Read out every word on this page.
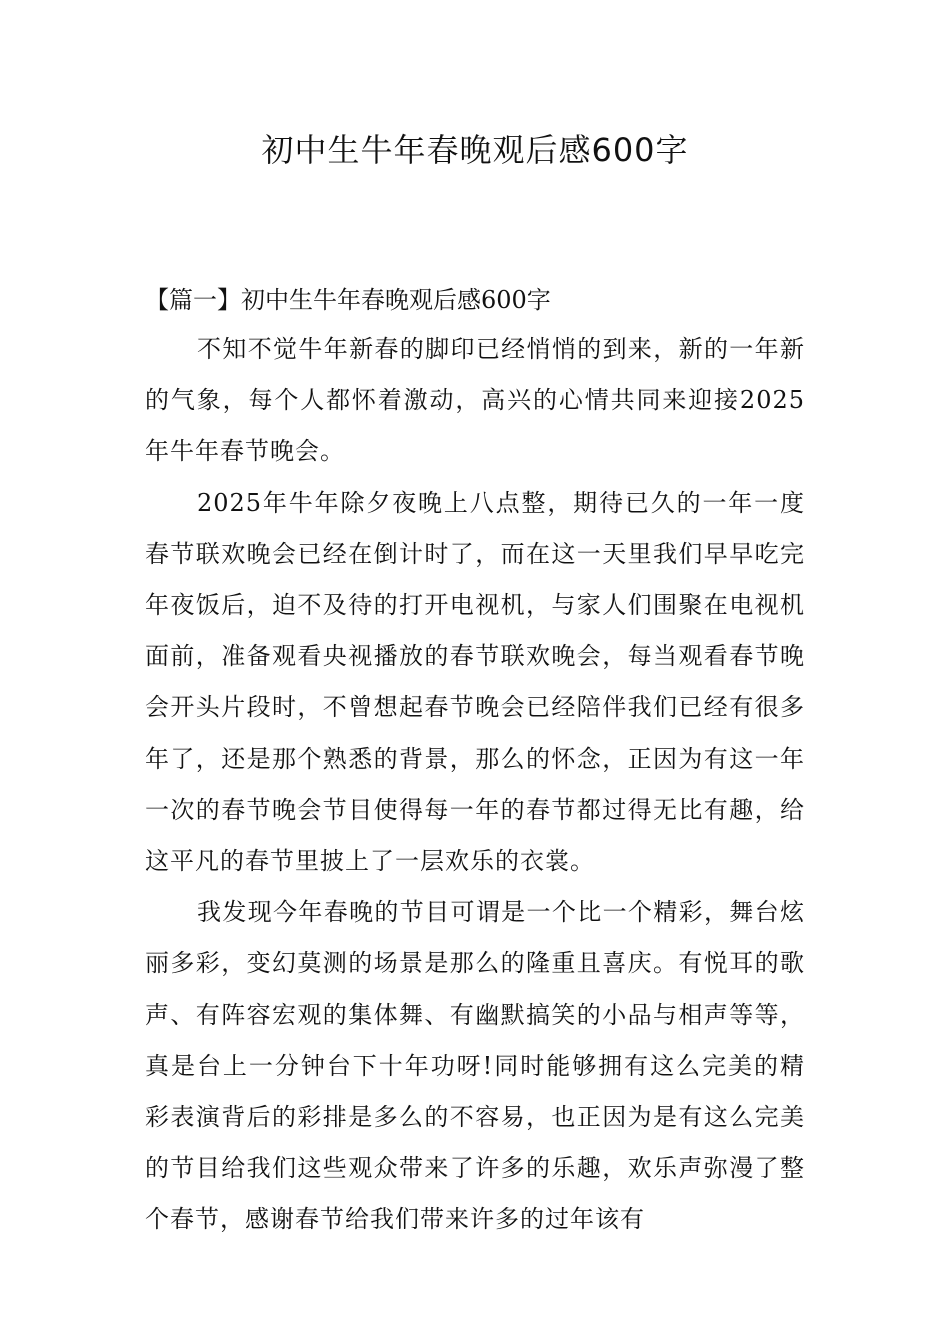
初中生牛年春晚观后感600字

【篇一】初中生牛年春晚观后感600字

不知不觉牛年新春的脚印已经悄悄的到来，新的一年新的气象，每个人都怀着激动，高兴的心情共同来迎接2025年牛年春节晚会。

2025年牛年除夕夜晚上八点整，期待已久的一年一度春节联欢晚会已经在倒计时了，而在这一天里我们早早吃完年夜饭后，迫不及待的打开电视机，与家人们围聚在电视机面前，准备观看央视播放的春节联欢晚会，每当观看春节晚会开头片段时，不曾想起春节晚会已经陪伴我们已经有很多年了，还是那个熟悉的背景，那么的怀念，正因为有这一年一次的春节晚会节目使得每一年的春节都过得无比有趣，给这平凡的春节里披上了一层欢乐的衣裳。

我发现今年春晚的节目可谓是一个比一个精彩，舞台炫丽多彩，变幻莫测的场景是那么的隆重且喜庆。有悦耳的歌声、有阵容宏观的集体舞、有幽默搞笑的小品与相声等等，真是台上一分钟台下十年功呀!同时能够拥有这么完美的精彩表演背后的彩排是多么的不容易，也正因为是有这么完美的节目给我们这些观众带来了许多的乐趣，欢乐声弥漫了整个春节，感谢春节给我们带来许多的过年该有
